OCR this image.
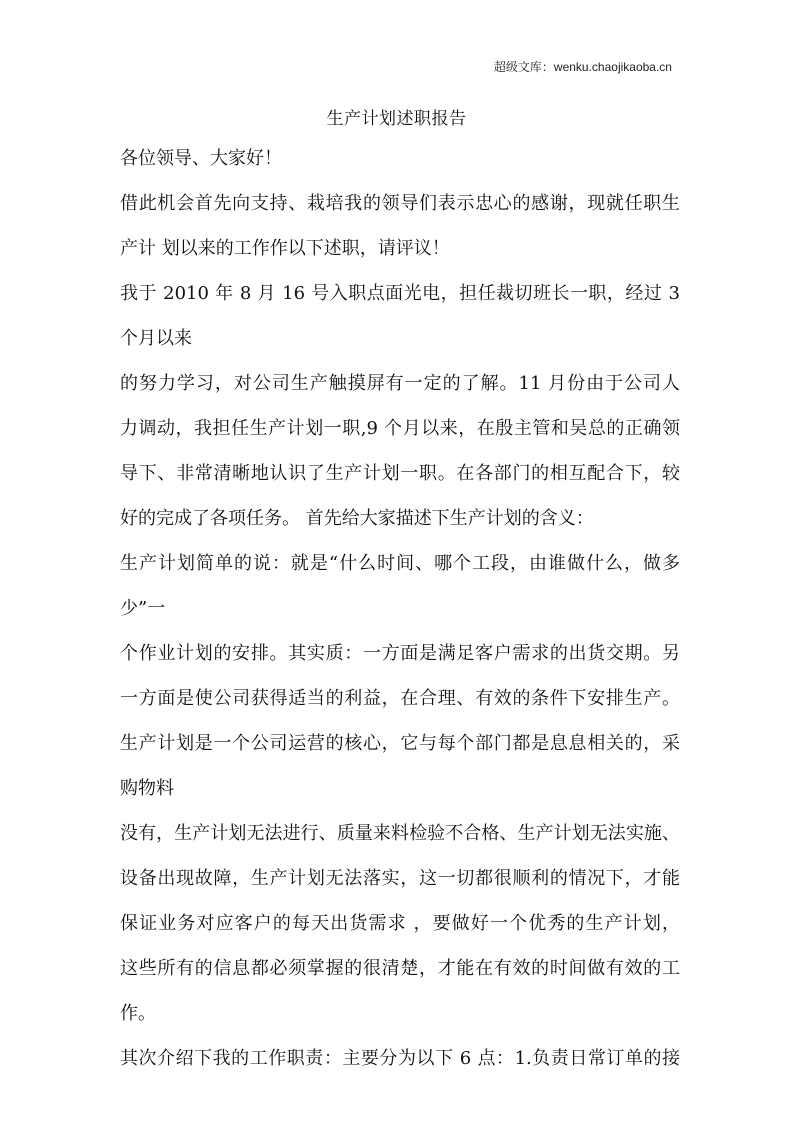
超级文库：wenku.chaojikaoba.cn
生产计划述职报告
各位领导、大家好！
借此机会首先向支持、栽培我的领导们表示忠心的感谢，现就任职生
产计 划以来的工作作以下述职，请评议！
我于 2010 年 8 月 16 号入职点面光电，担任裁切班长一职，经过 3
个月以来
的努力学习，对公司生产触摸屏有一定的了解。11 月份由于公司人
力调动，我担任生产计划一职,9 个月以来，在殷主管和吴总的正确领
导下、非常清晰地认识了生产计划一职。在各部门的相互配合下，较
好的完成了各项任务。 首先给大家描述下生产计划的含义：
生产计划简单的说：就是“什么时间、哪个工段，由谁做什么，做多
少”一
个作业计划的安排。其实质：一方面是满足客户需求的出货交期。另
一方面是使公司获得适当的利益，在合理、有效的条件下安排生产。
生产计划是一个公司运营的核心，它与每个部门都是息息相关的，采
购物料
没有，生产计划无法进行、质量来料检验不合格、生产计划无法实施、
设备出现故障，生产计划无法落实，这一切都很顺利的情况下，才能
保证业务对应客户的每天出货需求 ，要做好一个优秀的生产计划，
这些所有的信息都必须掌握的很清楚，才能在有效的时间做有效的工
作。
其次介绍下我的工作职责：主要分为以下 6 点：1.负责日常订单的接
